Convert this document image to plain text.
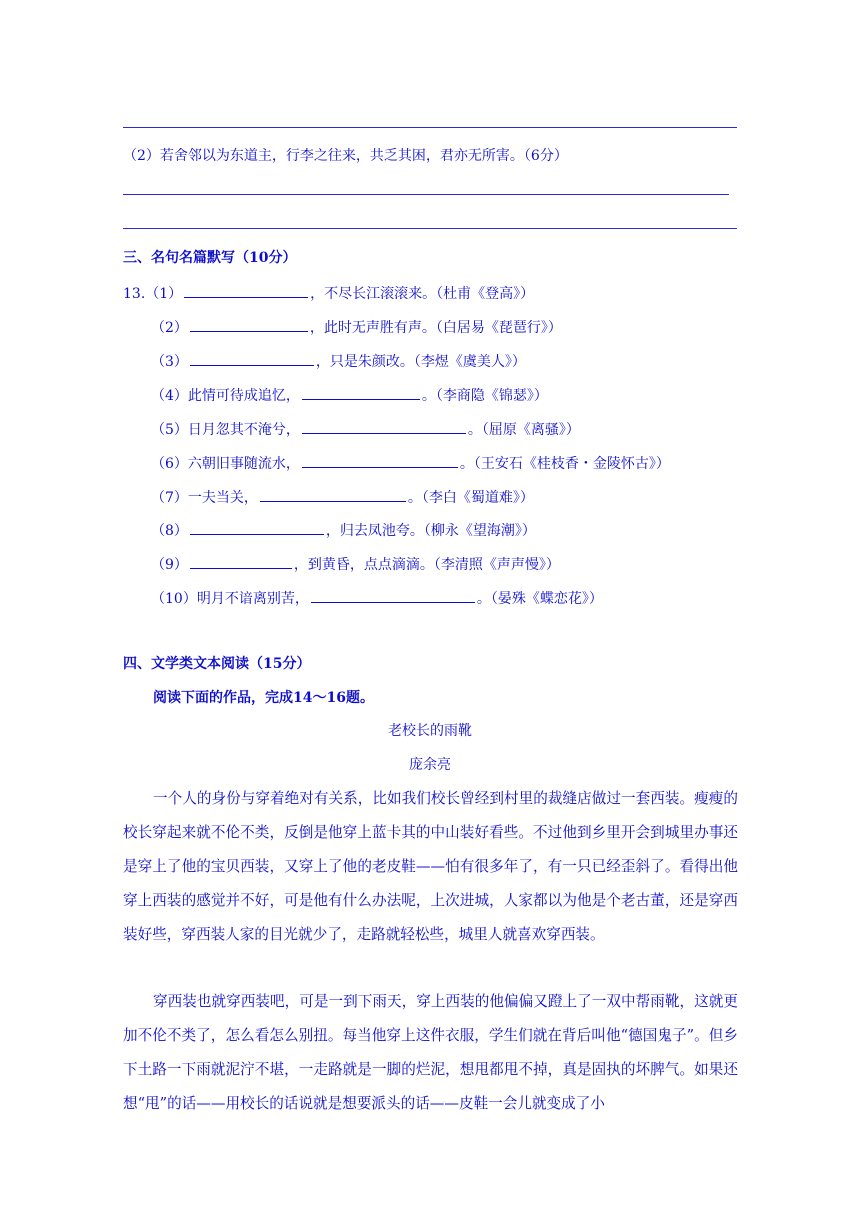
（2）若舍邻以为东道主，行李之往来，共乏其困，君亦无所害。（6分）
三、名句名篇默写（10分）
13.（1）	，不尽长江滚滚来。（杜甫《登高》）
（2）	，此时无声胜有声。（白居易《琵琶行》）
（3）	，只是朱颜改。（李煜《虞美人》）
（4）此情可待成追忆，	。（李商隐《锦瑟》）
（5）日月忽其不淹兮，	。（屈原《离骚》）
（6）六朝旧事随流水，	。（王安石《桂枝香・金陵怀古》）
（7）一夫当关，	。（李白《蜀道难》）
（8）	，归去凤池夸。（柳永《望海潮》）
（9）	，到黄昏，点点滴滴。（李清照《声声慢》）
（10）明月不谙离别苦，	。（晏殊《蝶恋花》）
四、文学类文本阅读（15分）
阅读下面的作品，完成14～16题。
老校长的雨靴
庞余亮
一个人的身份与穿着绝对有关系，比如我们校长曾经到村里的裁缝店做过一套西装。瘦瘦的校长穿起来就不伦不类，反倒是他穿上蓝卡其的中山装好看些。不过他到乡里开会到城里办事还是穿上了他的宝贝西装，又穿上了他的老皮鞋——怕有很多年了，有一只已经歪斜了。看得出他穿上西装的感觉并不好，可是他有什么办法呢，上次进城，人家都以为他是个老古董，还是穿西装好些，穿西装人家的目光就少了，走路就轻松些，城里人就喜欢穿西装。
穿西装也就穿西装吧，可是一到下雨天，穿上西装的他偏偏又蹬上了一双中帮雨靴，这就更加不伦不类了，怎么看怎么别扭。每当他穿上这件衣服，学生们就在背后叫他“德国鬼子”。但乡下土路一下雨就泥泞不堪，一走路就是一脚的烂泥，想甩都甩不掉，真是固执的坏脾气。如果还想“甩”的话——用校长的话说就是想要派头的话——皮鞋一会儿就变成了小
